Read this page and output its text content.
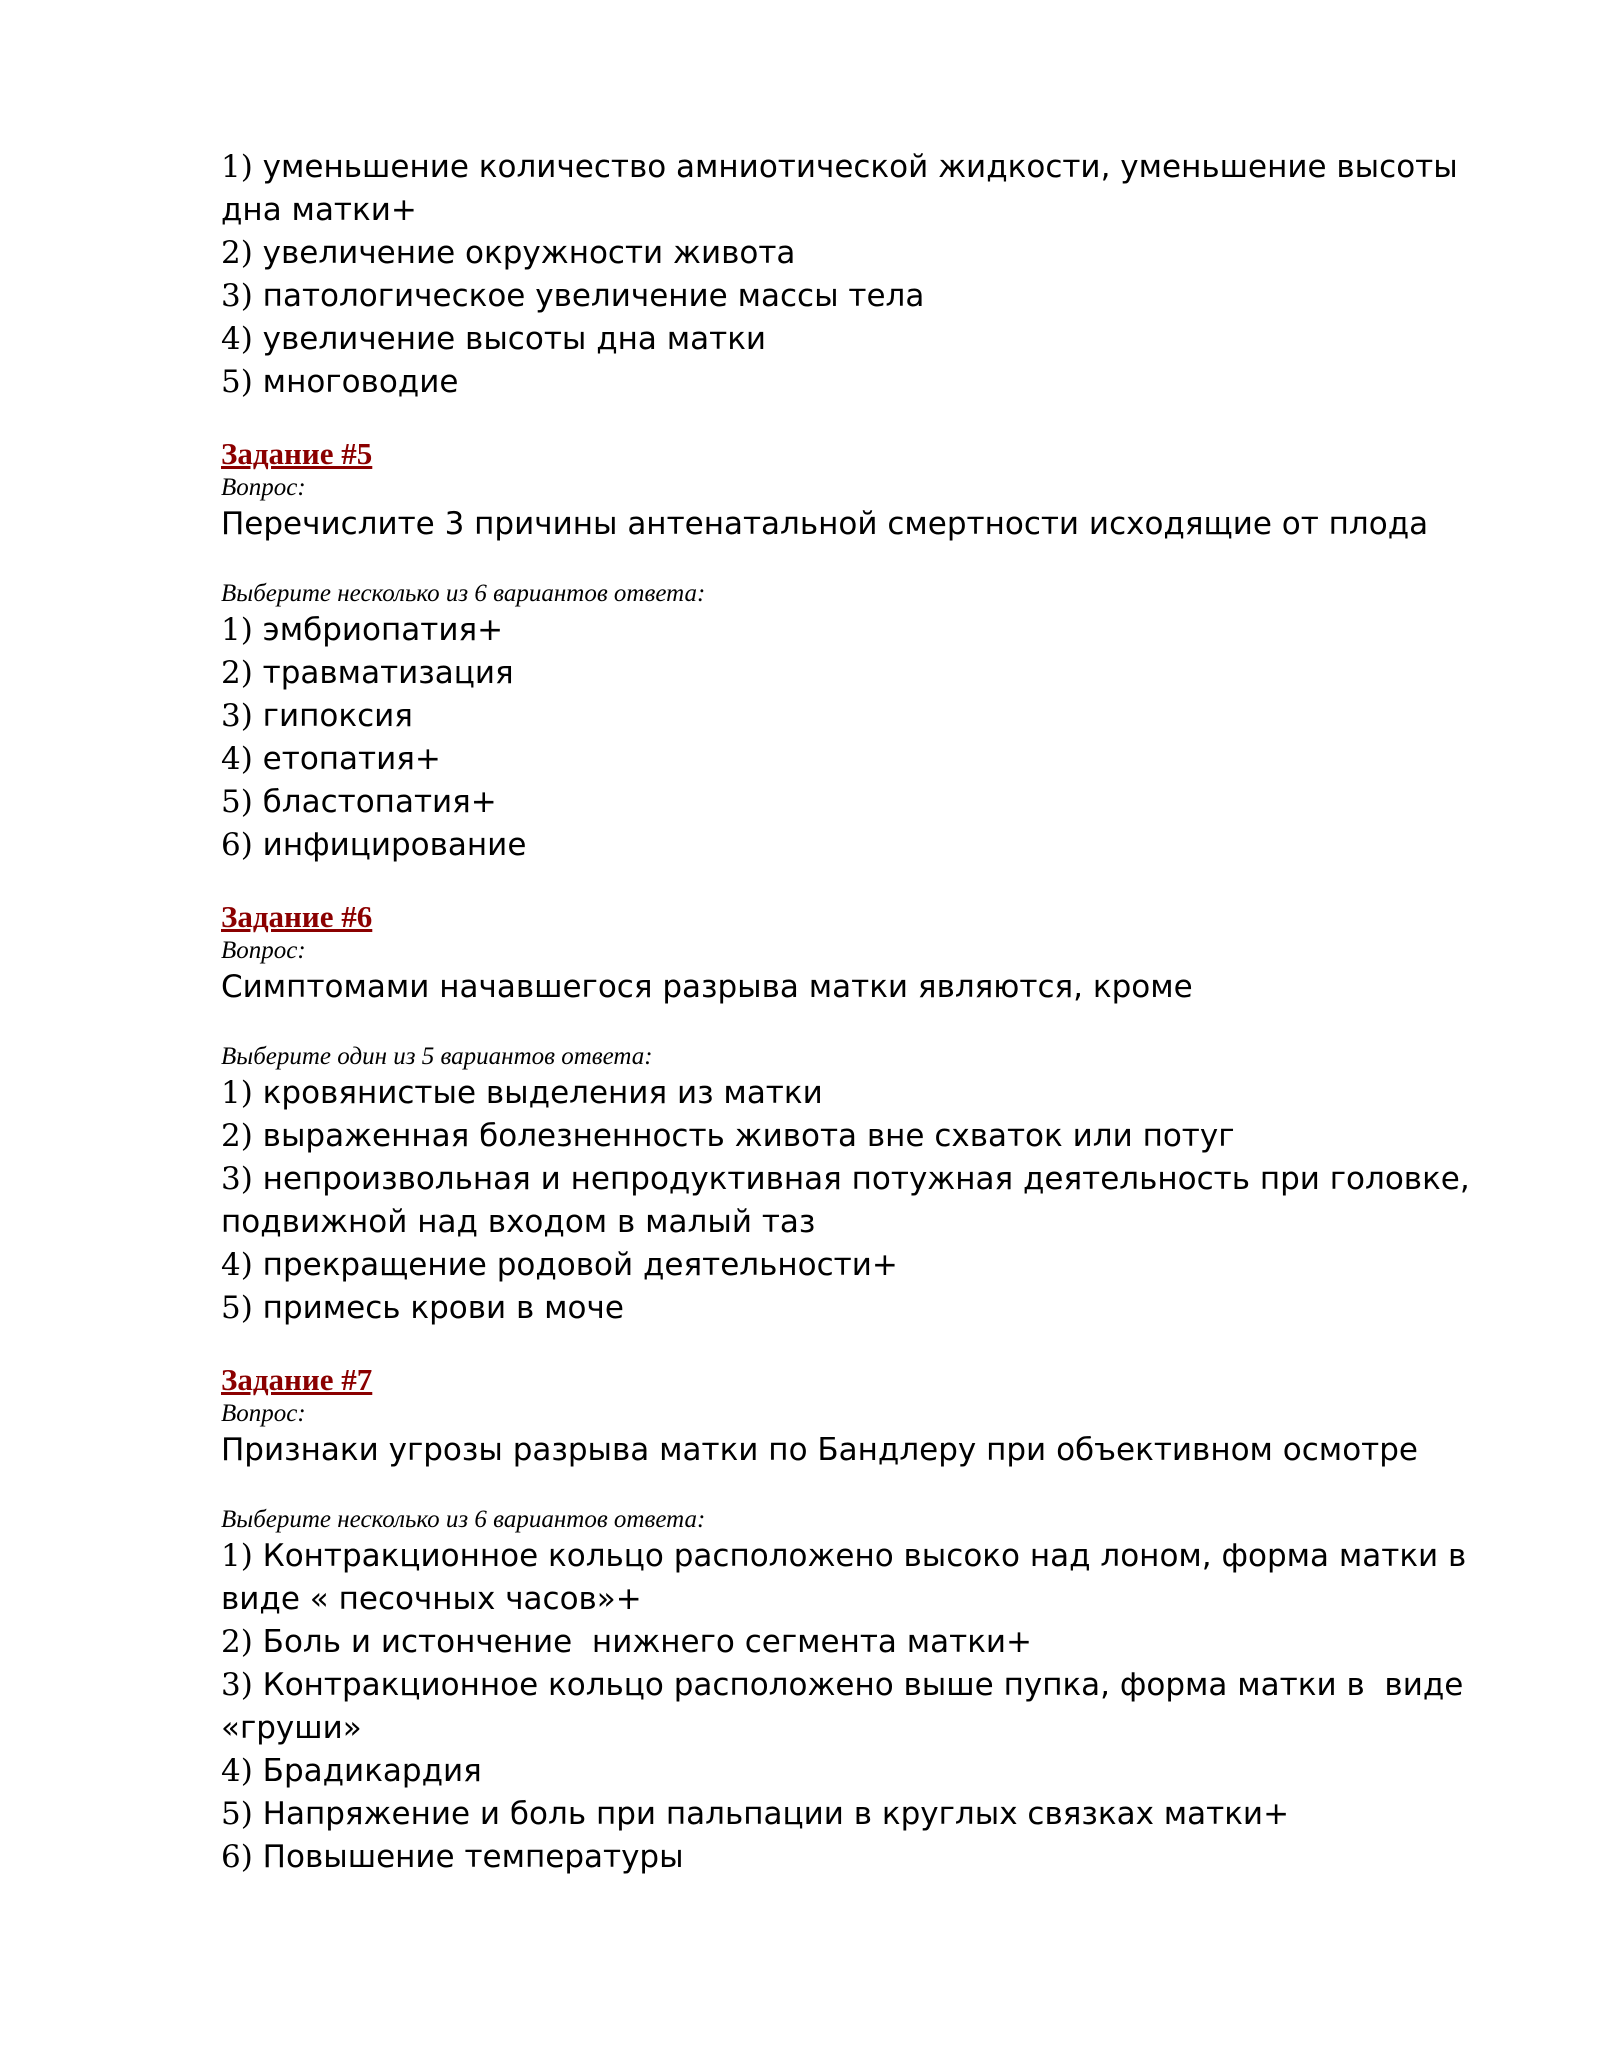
1) уменьшение количество амниотической жидкости, уменьшение высоты дна матки+
2) увеличение окружности живота
3) патологическое увеличение массы тела
4) увеличение высоты дна матки
5) многоводие
Задание #5
Вопрос:
Перечислите 3 причины антенатальной смертности исходящие от плода
Выберите несколько из 6 вариантов ответа:
1) эмбриопатия+
2) травматизация
3) гипоксия
4) етопатия+
5) бластопатия+
6) инфицирование
Задание #6
Вопрос:
Симптомами начавшегося разрыва матки являются, кроме
Выберите один из 5 вариантов ответа:
1) кровянистые выделения из матки
2) выраженная болезненность живота вне схваток или потуг
3) непроизвольная и непродуктивная потужная деятельность при головке, подвижной над входом в малый таз
4) прекращение родовой деятельности+
5) примесь крови в моче
Задание #7
Вопрос:
Признаки угрозы разрыва матки по Бандлеру при объективном осмотре
Выберите несколько из 6 вариантов ответа:
1) Контракционное кольцо расположено высоко над лоном, форма матки в  виде « песочных часов»+
2) Боль и истончение  нижнего сегмента матки+
3) Контракционное кольцо расположено выше пупка, форма матки в  виде «груши»
4) Брадикардия
5) Напряжение и боль при пальпации в круглых связках матки+
6) Повышение температуры
